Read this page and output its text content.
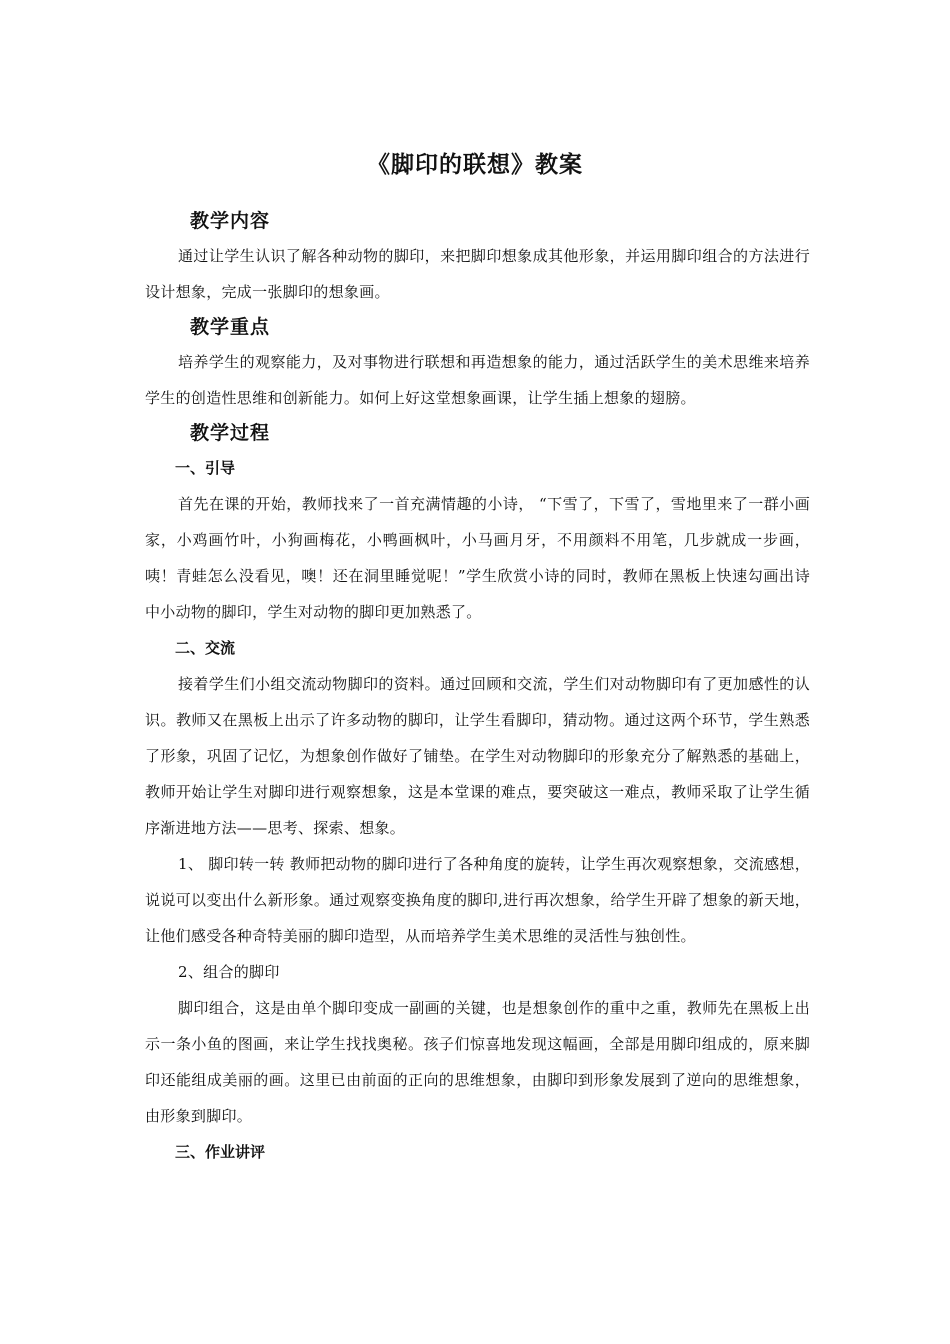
《脚印的联想》教案
教学内容

通过让学生认识了解各种动物的脚印，来把脚印想象成其他形象，并运用脚印组合的方法进行设计想象，完成一张脚印的想象画。

教学重点

培养学生的观察能力，及对事物进行联想和再造想象的能力，通过活跃学生的美术思维来培养学生的创造性思维和创新能力。如何上好这堂想象画课，让学生插上想象的翅膀。

教学过程
一、引导

首先在课的开始，教师找来了一首充满情趣的小诗， “下雪了，下雪了，雪地里来了一群小画家，小鸡画竹叶，小狗画梅花，小鸭画枫叶，小马画月牙，不用颜料不用笔，几步就成一步画，咦！青蛙怎么没看见，噢！还在洞里睡觉呢！”学生欣赏小诗的同时，教师在黑板上快速勾画出诗中小动物的脚印，学生对动物的脚印更加熟悉了。

二、交流

接着学生们小组交流动物脚印的资料。通过回顾和交流，学生们对动物脚印有了更加感性的认识。教师又在黑板上出示了许多动物的脚印，让学生看脚印，猜动物。通过这两个环节，学生熟悉了形象，巩固了记忆，为想象创作做好了铺垫。在学生对动物脚印的形象充分了解熟悉的基础上，教师开始让学生对脚印进行观察想象，这是本堂课的难点，要突破这一难点，教师采取了让学生循序渐进地方法——思考、探索、想象。

1、 脚印转一转 教师把动物的脚印进行了各种角度的旋转，让学生再次观察想象，交流感想，说说可以变出什么新形象。通过观察变换角度的脚印,进行再次想象，给学生开辟了想象的新天地，让他们感受各种奇特美丽的脚印造型，从而培养学生美术思维的灵活性与独创性。

2、组合的脚印

脚印组合，这是由单个脚印变成一副画的关键，也是想象创作的重中之重，教师先在黑板上出示一条小鱼的图画，来让学生找找奥秘。孩子们惊喜地发现这幅画，全部是用脚印组成的，原来脚印还能组成美丽的画。这里已由前面的正向的思维想象，由脚印到形象发展到了逆向的思维想象，由形象到脚印。

三、作业讲评
